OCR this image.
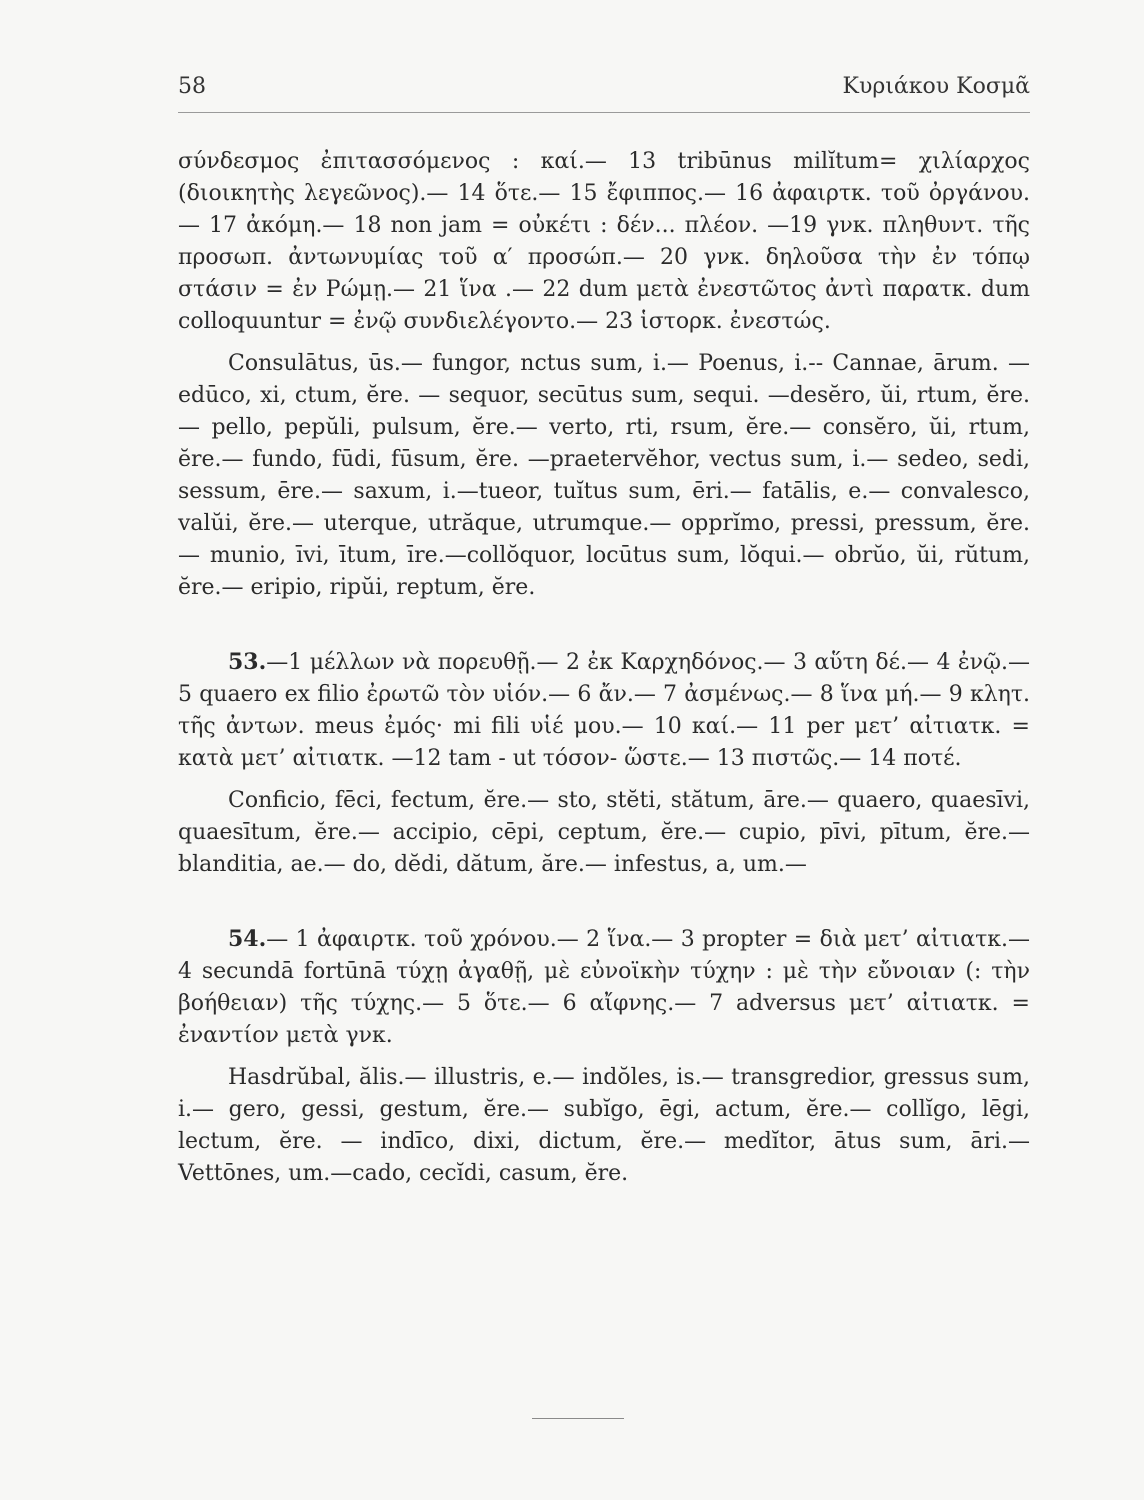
58	Κυριάκου Κοσμᾶ

σύνδεσμος ἐπιτασσόμενος : καί.— 13 tribūnus milĭtum= χιλίαρχος (διοικητὴς λεγεῶνος).— 14 ὅτε.— 15 ἔφιππος.— 16 ἀφαιρτκ. τοῦ ὀργάνου.— 17 ἀκόμη.— 18 non jam = οὐκέτι : δέν... πλέον. —19 γνκ. πληθυντ. τῆς προσωπ. ἀντωνυμίας τοῦ α′ προσώπ.— 20 γνκ. δηλοῦσα τὴν ἐν τόπῳ στάσιν = ἐν Ρώμῃ.— 21 ἵνα .— 22 dum μετὰ ἐνεστῶτος ἀντὶ παρατκ. dum colloquuntur = ἐνῷ συνδιελέγοντο.— 23 ἱστορκ. ἐνεστώς.

Consulātus, ūs.— fungor, nctus sum, i.— Poenus, i.-- Cannae, ārum. — edūco, xi, ctum, ĕre. — sequor, secūtus sum, sequi. —desĕro, ŭi, rtum, ĕre.— pello, pepŭli, pulsum, ĕre.— verto, rti, rsum, ĕre.— consĕro, ŭi, rtum, ĕre.— fundo, fūdi, fūsum, ĕre. —praetervĕhor, vectus sum, i.— sedeo, sedi, sessum, ēre.— saxum, i.—tueor, tuĭtus sum, ēri.— fatālis, e.— convalesco, valŭi, ĕre.— uterque, utrăque, utrumque.— opprĭmo, pressi, pressum, ĕre.— munio, īvi, ītum, īre.—collŏquor, locūtus sum, lŏqui.— obrŭo, ŭi, rŭtum, ĕre.— eripio, ripŭi, reptum, ĕre.

53.—1 μέλλων νὰ πορευθῇ.— 2 ἐκ Καρχηδόνος.— 3 αὕτη δέ.— 4 ἐνῷ.— 5 quaero ex filio ἐρωτῶ τὸν υἱόν.— 6 ἄν.— 7 ἀσμένως.— 8 ἵνα μή.— 9 κλητ. τῆς ἀντων. meus ἐμός· mi fili υἱέ μου.— 10 καί.— 11 per μετ’ αἰτιατκ. = κατὰ μετ’ αἰτιατκ. —12 tam - ut τόσον- ὥστε.— 13 πιστῶς.— 14 ποτέ.

Conficio, fēci, fectum, ĕre.— sto, stĕti, stătum, āre.— quaero, quaesīvi, quaesītum, ĕre.— accipio, cēpi, ceptum, ĕre.— cupio, pīvi, pītum, ĕre.— blanditia, ae.— do, dĕdi, dătum, ăre.— infestus, a, um.—

54.— 1 ἀφαιρτκ. τοῦ χρόνου.— 2 ἵνα.— 3 propter = διὰ μετ’ αἰτιατκ.— 4 secundā fortūnā τύχῃ ἀγαθῇ, μὲ εὐνοϊκὴν τύχην : μὲ τὴν εὔνοιαν (: τὴν βοήθειαν) τῆς τύχης.— 5 ὅτε.— 6 αἴφνης.— 7 adversus μετ’ αἰτιατκ. = ἐναντίον μετὰ γνκ.

Hasdrŭbal, ălis.— illustris, e.— indŏles, is.— transgredior, gressus sum, i.— gero, gessi, gestum, ĕre.— subĭgo, ēgi, actum, ĕre.— collĭgo, lēgi, lectum, ĕre. — indīco, dixi, dictum, ĕre.— medĭtor, ātus sum, āri.— Vettōnes, um.—cado, cecĭdi, casum, ĕre.
